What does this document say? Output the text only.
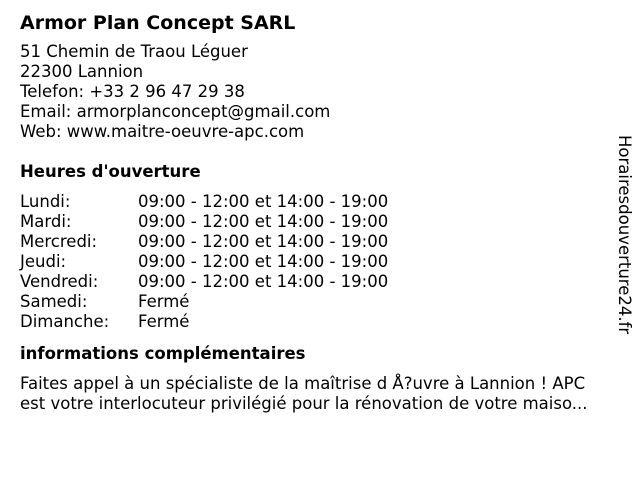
Armor Plan Concept SARL
51 Chemin de Traou Léguer
22300 Lannion
Telefon: +33 2 96 47 29 38
Email: armorplanconcept@gmail.com
Web: www.maitre-oeuvre-apc.com
Heures d'ouverture
Lundi:	09:00 - 12:00 et 14:00 - 19:00
Mardi:	09:00 - 12:00 et 14:00 - 19:00
Mercredi:	09:00 - 12:00 et 14:00 - 19:00
Jeudi:	09:00 - 12:00 et 14:00 - 19:00
Vendredi:	09:00 - 12:00 et 14:00 - 19:00
Samedi:	Fermé
Dimanche:	Fermé
informations complémentaires
Faites appel à un spécialiste de la maîtrise d Å?uvre à Lannion ! APC
est votre interlocuteur privilégié pour la rénovation de votre maiso...
Horairesdouverture24.fr
